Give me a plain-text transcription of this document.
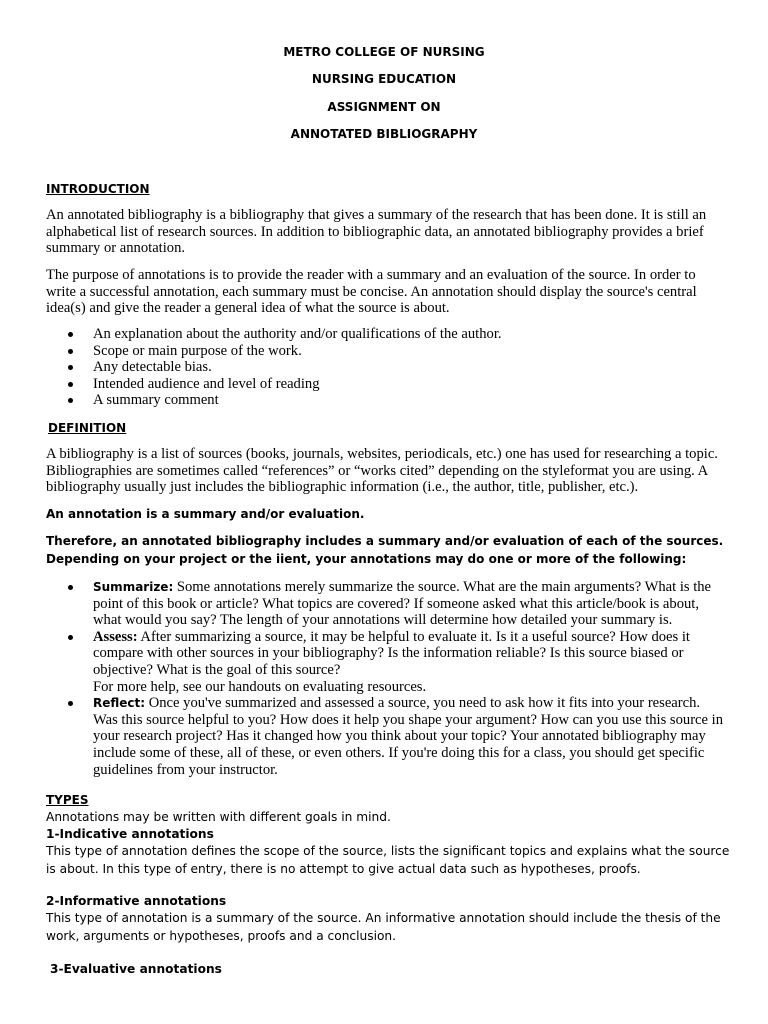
METRO COLLEGE OF NURSING
NURSING EDUCATION
ASSIGNMENT ON
ANNOTATED BIBLIOGRAPHY
INTRODUCTION

An annotated bibliography is a bibliography that gives a summary of the research that has been done. It is still an alphabetical list of research sources. In addition to bibliographic data, an annotated bibliography provides a brief summary or annotation.

The purpose of annotations is to provide the reader with a summary and an evaluation of the source. In order to write a successful annotation, each summary must be concise. An annotation should display the source's central idea(s) and give the reader a general idea of what the source is about.

An explanation about the authority and/or qualifications of the author.
Scope or main purpose of the work.
Any detectable bias.
Intended audience and level of reading
A summary comment
DEFINITION

A bibliography is a list of sources (books, journals, websites, periodicals, etc.) one has used for researching a topic. Bibliographies are sometimes called “references” or “works cited” depending on the styleformat you are using. A bibliography usually just includes the bibliographic information (i.e., the author, title, publisher, etc.).

An annotation is a summary and/or evaluation.

Therefore, an annotated bibliography includes a summary and/or evaluation of each of the sources. Depending on your project or the iient, your annotations may do one or more of the following:

Summarize: Some annotations merely summarize the source. What are the main arguments? What is the point of this book or article? What topics are covered? If someone asked what this article/book is about, what would you say? The length of your annotations will determine how detailed your summary is.
Assess: After summarizing a source, it may be helpful to evaluate it. Is it a useful source? How does it compare with other sources in your bibliography? Is the information reliable? Is this source biased or objective? What is the goal of this source?
For more help, see our handouts on evaluating resources.
Reflect: Once you've summarized and assessed a source, you need to ask how it fits into your research. Was this source helpful to you? How does it help you shape your argument? How can you use this source in your research project? Has it changed how you think about your topic? Your annotated bibliography may include some of these, all of these, or even others. If you're doing this for a class, you should get specific guidelines from your instructor.
TYPES

Annotations may be written with different goals in mind.

1-Indicative annotations

This type of annotation defines the scope of the source, lists the significant topics and explains what the source is about. In this type of entry, there is no attempt to give actual data such as hypotheses, proofs.

2-Informative annotations

This type of annotation is a summary of the source. An informative annotation should include the thesis of the work, arguments or hypotheses, proofs and a conclusion.

3-Evaluative annotations
